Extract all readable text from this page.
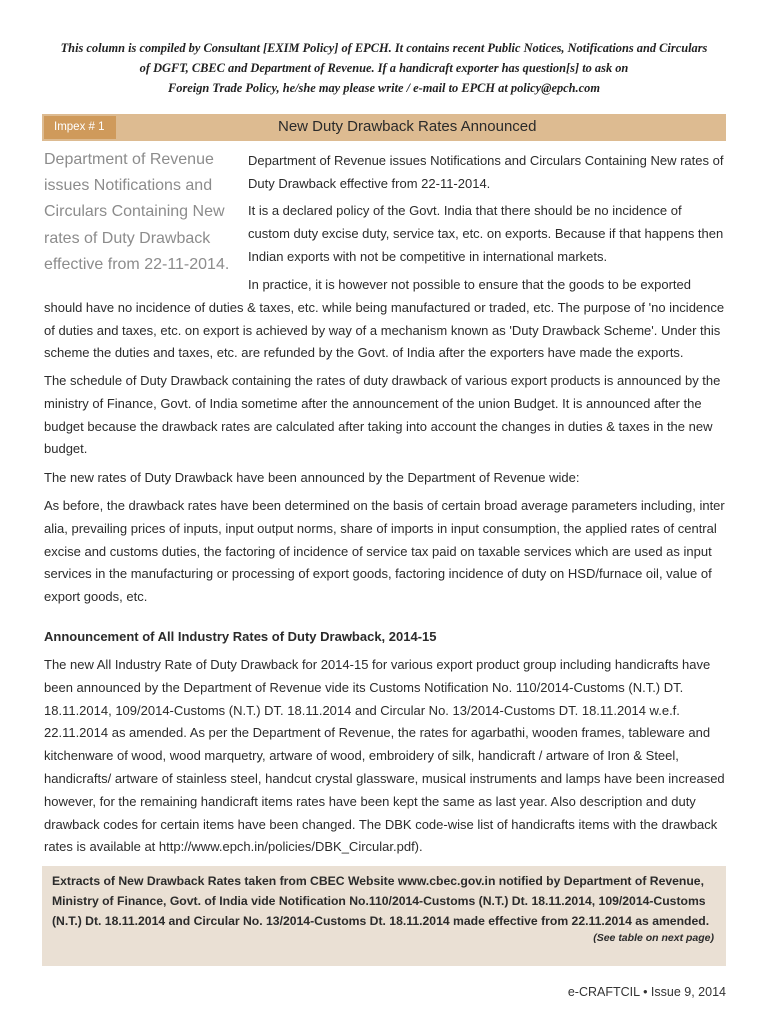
This column is compiled by Consultant [EXIM Policy] of EPCH. It contains recent Public Notices, Notifications and Circulars

of DGFT, CBEC and Department of Revenue. If a handicraft exporter has question[s] to ask on

Foreign Trade Policy, he/she may please write / e-mail to EPCH at policy@epch.com

Impex # 1	New Duty Drawback Rates Announced

Department of Revenue issues Notifications and Circulars Containing New rates of Duty Drawback effective from 22-11-2014.

Department of Revenue issues Notifications and Circulars Containing New rates of Duty Drawback effective from 22-11-2014.

It is a declared policy of the Govt. India that there should be no incidence of custom duty excise duty, service tax, etc. on exports. Because if that happens then Indian exports with not be competitive in international markets.

In practice, it is however not possible to ensure that the goods to be exported should have no incidence of duties & taxes, etc. while being manufactured or traded, etc. The purpose of 'no incidence of duties and taxes, etc. on export is achieved by way of a mechanism known as 'Duty Drawback Scheme'. Under this scheme the duties and taxes, etc. are refunded by the Govt. of India after the exporters have made the exports.

The schedule of Duty Drawback containing the rates of duty drawback of various export products is announced by the ministry of Finance, Govt. of India sometime after the announcement of the union Budget. It is announced after the budget because the drawback rates are calculated after taking into account the changes in duties & taxes in the new budget.

The new rates of Duty Drawback have been announced by the Department of Revenue wide:

As before, the drawback rates have been determined on the basis of certain broad average parameters including, inter alia, prevailing prices of inputs, input output norms, share of imports in input consumption, the applied rates of central excise and customs duties, the factoring of incidence of service tax paid on taxable services which are used as input services in the manufacturing or processing of export goods, factoring incidence of duty on HSD/furnace oil, value of export goods, etc.

Announcement of All Industry Rates of Duty Drawback, 2014-15

The new All Industry Rate of Duty Drawback for 2014-15 for various export product group including handicrafts have been announced by the Department of Revenue vide its Customs Notification No. 110/2014-Customs (N.T.) DT. 18.11.2014, 109/2014-Customs (N.T.) DT. 18.11.2014 and Circular No. 13/2014-Customs DT. 18.11.2014 w.e.f. 22.11.2014 as amended. As per the Department of Revenue, the rates for agarbathi, wooden frames, tableware and kitchenware of wood, wood marquetry, artware of wood, embroidery of silk, handicraft / artware of Iron & Steel, handicrafts/ artware of stainless steel, handcut crystal glassware, musical instruments and lamps have been increased however, for the remaining handicraft items rates have been kept the same as last year. Also description and duty drawback codes for certain items have been changed. The DBK code-wise list of handicrafts items with the drawback rates is available at http://www.epch.in/policies/DBK_Circular.pdf).

Extracts of New Drawback Rates taken from CBEC Website www.cbec.gov.in notified by Department of Revenue, Ministry of Finance, Govt. of India vide Notification No.110/2014-Customs (N.T.) Dt. 18.11.2014, 109/2014-Customs (N.T.) Dt. 18.11.2014 and Circular No. 13/2014-Customs Dt. 18.11.2014 made effective from 22.11.2014 as amended.

(See table on next page)

e-CRAFTCIL • Issue 9, 2014
